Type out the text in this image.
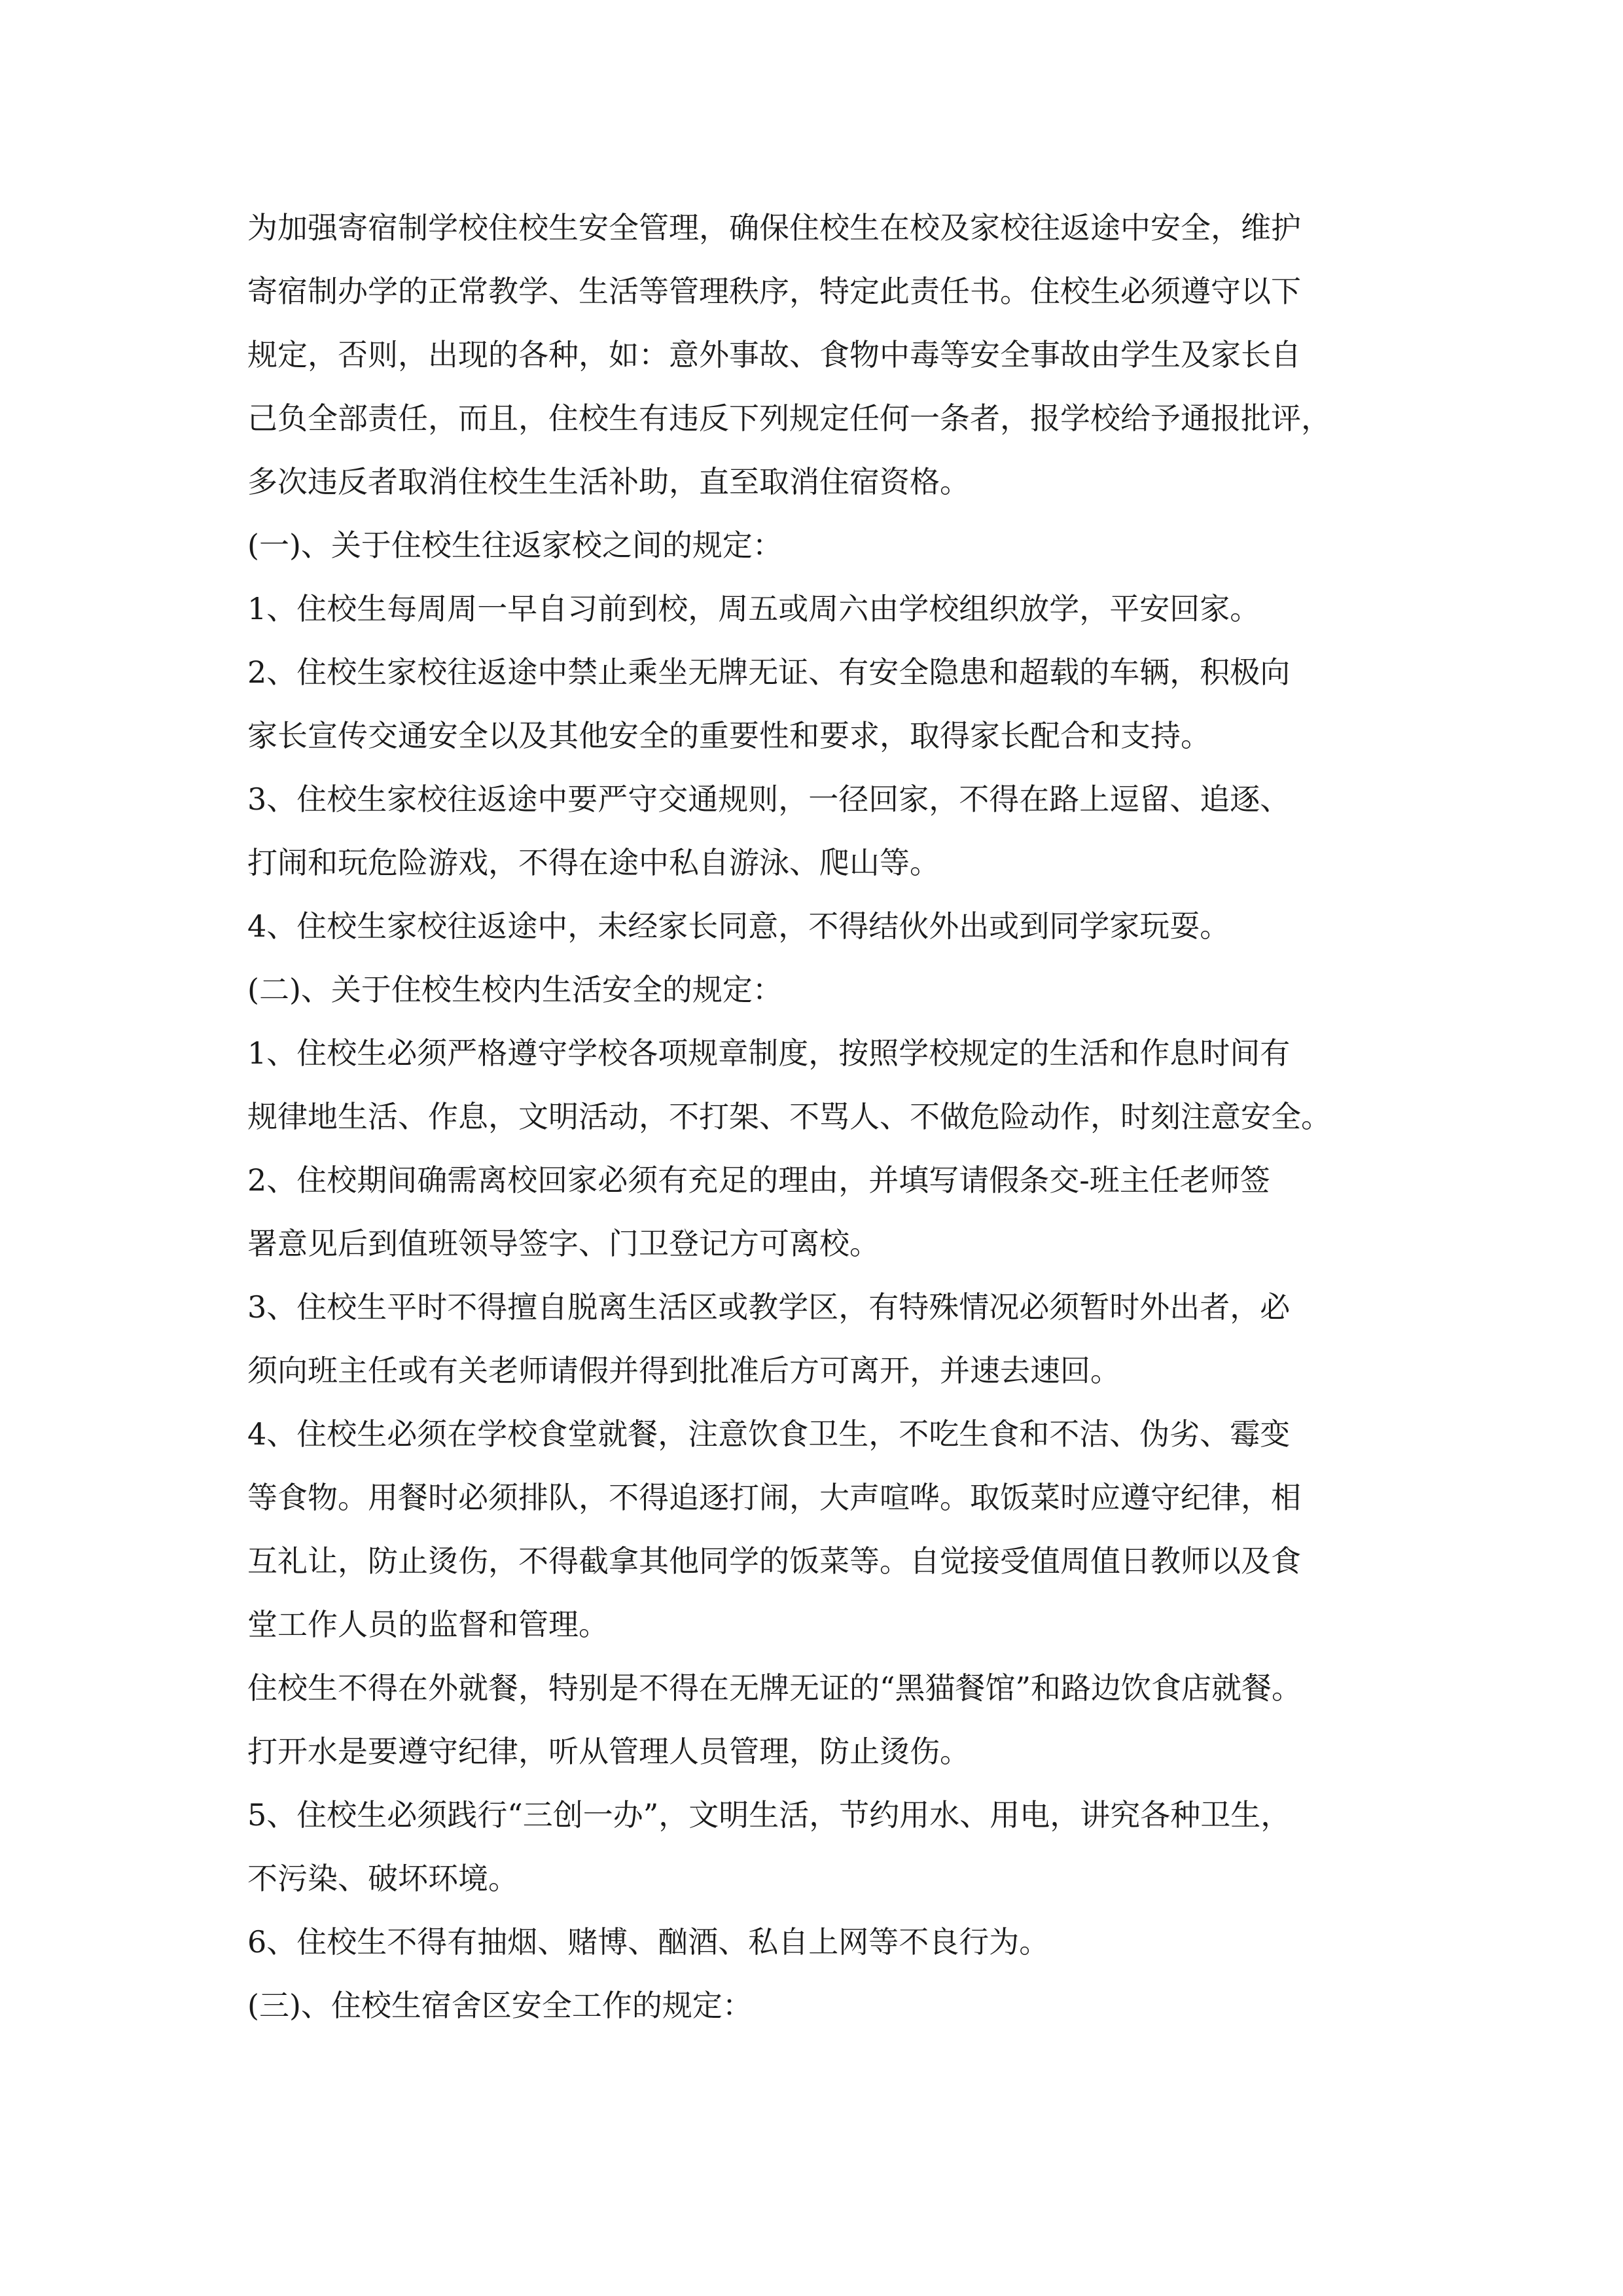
为加强寄宿制学校住校生安全管理，确保住校生在校及家校往返途中安全，维护
寄宿制办学的正常教学、生活等管理秩序，特定此责任书。住校生必须遵守以下
规定，否则，出现的各种，如：意外事故、食物中毒等安全事故由学生及家长自
己负全部责任，而且，住校生有违反下列规定任何一条者，报学校给予通报批评，
多次违反者取消住校生生活补助，直至取消住宿资格。
(一)、关于住校生往返家校之间的规定：
1、住校生每周周一早自习前到校，周五或周六由学校组织放学，平安回家。
2、住校生家校往返途中禁止乘坐无牌无证、有安全隐患和超载的车辆，积极向
家长宣传交通安全以及其他安全的重要性和要求，取得家长配合和支持。
3、住校生家校往返途中要严守交通规则，一径回家，不得在路上逗留、追逐、
打闹和玩危险游戏，不得在途中私自游泳、爬山等。
4、住校生家校往返途中，未经家长同意，不得结伙外出或到同学家玩耍。
(二)、关于住校生校内生活安全的规定：
1、住校生必须严格遵守学校各项规章制度，按照学校规定的生活和作息时间有
规律地生活、作息，文明活动，不打架、不骂人、不做危险动作，时刻注意安全。
2、住校期间确需离校回家必须有充足的理由，并填写请假条交-班主任老师签
署意见后到值班领导签字、门卫登记方可离校。
3、住校生平时不得擅自脱离生活区或教学区，有特殊情况必须暂时外出者，必
须向班主任或有关老师请假并得到批准后方可离开，并速去速回。
4、住校生必须在学校食堂就餐，注意饮食卫生，不吃生食和不洁、伪劣、霉变
等食物。用餐时必须排队，不得追逐打闹，大声喧哗。取饭菜时应遵守纪律，相
互礼让，防止烫伤，不得截拿其他同学的饭菜等。自觉接受值周值日教师以及食
堂工作人员的监督和管理。
住校生不得在外就餐，特别是不得在无牌无证的“黑猫餐馆”和路边饮食店就餐。
打开水是要遵守纪律，听从管理人员管理，防止烫伤。
5、住校生必须践行“三创一办”，文明生活，节约用水、用电，讲究各种卫生，
不污染、破坏环境。
6、住校生不得有抽烟、赌博、酗酒、私自上网等不良行为。
(三)、住校生宿舍区安全工作的规定：
